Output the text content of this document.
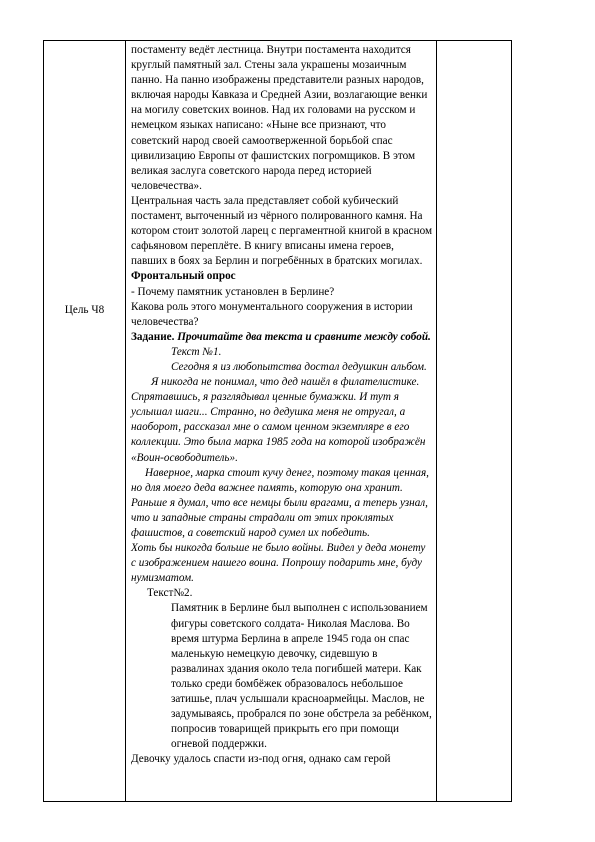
Цель Ч8
постаменту ведёт лестница. Внутри постамента находится круглый памятный зал. Стены зала украшены мозаичным панно. На панно изображены представители разных народов, включая народы Кавказа и Средней Азии, возлагающие венки на могилу советских воинов. Над их головами на русском и немецком языках написано: «Ныне все признают, что советский народ своей самоотверженной борьбой спас цивилизацию Европы от фашистских погромщиков. В этом великая заслуга советского народа перед историей человечества».
Центральная часть зала представляет собой кубический постамент, выточенный из чёрного полированного камня. На котором стоит золотой ларец с пергаментной книгой в красном сафьяновом переплёте. В книгу вписаны имена героев, павших в боях за Берлин и погребённых в братских могилах.
Фронтальный опрос
- Почему памятник установлен в Берлине?
Какова роль этого монументального сооружения в истории человечества?
Задание. Прочитайте два текста и сравните между собой.
Текст №1.
Сегодня я из любопытства достал дедушкин альбом.
Я никогда не понимал, что дед нашёл в филателистике. Спрятавшись, я разглядывал ценные бумажки. И тут я услышал шаги... Странно, но дедушка меня не отругал, а наоборот, рассказал мне о самом ценном экземпляре в его коллекции. Это была марка 1985 года на которой изображён «Воин-освободитель».
Наверное, марка стоит кучу денег, поэтому такая ценная, но для моего деда важнее память, которую она хранит. Раньше я думал, что все немцы были врагами, а теперь узнал, что и западные страны страдали от этих проклятых фашистов, а советский народ сумел их победить.
Хоть бы никогда больше не было войны. Видел у деда монету с изображением нашего воина. Попрошу подарить мне, буду нумизматом.
Текст№2.
Памятник в Берлине был выполнен с использованием фигуры советского солдата- Николая Маслова. Во время штурма Берлина в апреле 1945 года он спас маленькую немецкую девочку, сидевшую в развалинах здания около тела погибшей матери. Как только среди бомбёжек образовалось небольшое затишье, плач услышали красноармейцы. Маслов, не задумываясь, пробрался по зоне обстрела за ребёнком, попросив товарищей прикрыть его при помощи огневой поддержки.
Девочку удалось спасти из-под огня, однако сам герой
